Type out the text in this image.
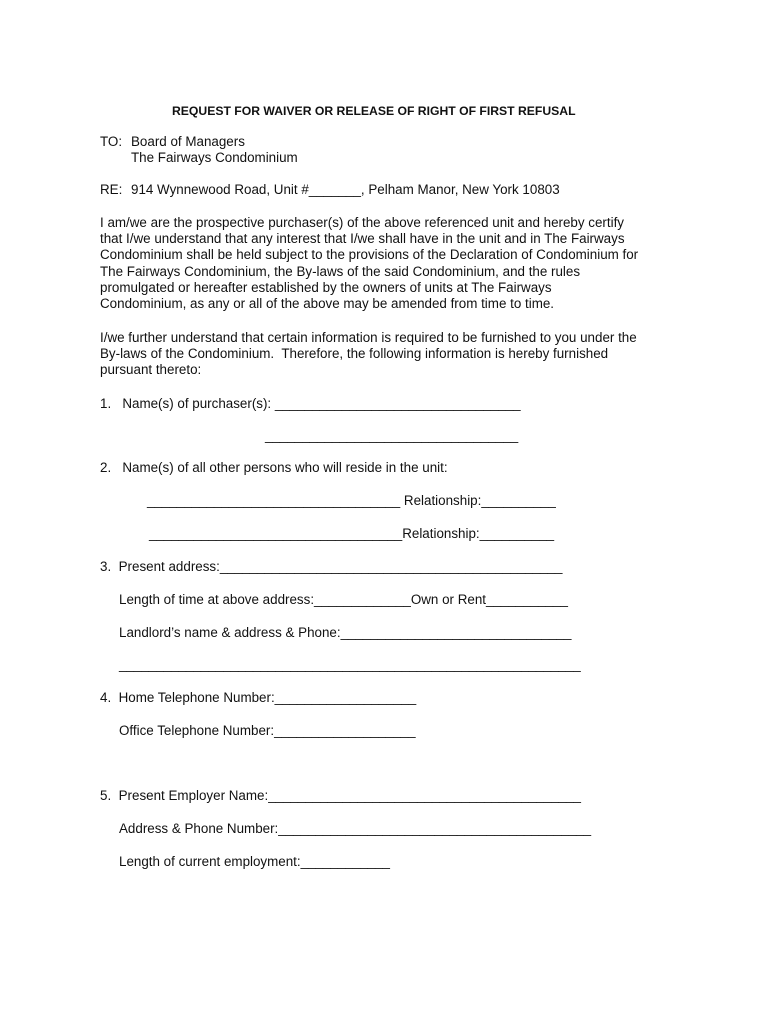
REQUEST FOR WAIVER OR RELEASE OF RIGHT OF FIRST REFUSAL
TO: Board of Managers
The Fairways Condominium
RE: 914 Wynnewood Road, Unit #_______, Pelham Manor, New York 10803
I am/we are the prospective purchaser(s) of the above referenced unit and hereby certify
that I/we understand that any interest that I/we shall have in the unit and in The Fairways
Condominium shall be held subject to the provisions of the Declaration of Condominium for
The Fairways Condominium, the By-laws of the said Condominium, and the rules
promulgated or hereafter established by the owners of units at The Fairways
Condominium, as any or all of the above may be amended from time to time.
I/we further understand that certain information is required to be furnished to you under the
By-laws of the Condominium.  Therefore, the following information is hereby furnished
pursuant thereto:
1.   Name(s) of purchaser(s): _________________________________
__________________________________
2.   Name(s) of all other persons who will reside in the unit:
__________________________________ Relationship:__________
__________________________________Relationship:__________
3.  Present address:______________________________________________
Length of time at above address:_____________Own or Rent___________
Landlord’s name & address & Phone:_______________________________
______________________________________________________________
4.  Home Telephone Number:___________________
Office Telephone Number:___________________
5.  Present Employer Name:__________________________________________
Address & Phone Number:__________________________________________
Length of current employment:____________
